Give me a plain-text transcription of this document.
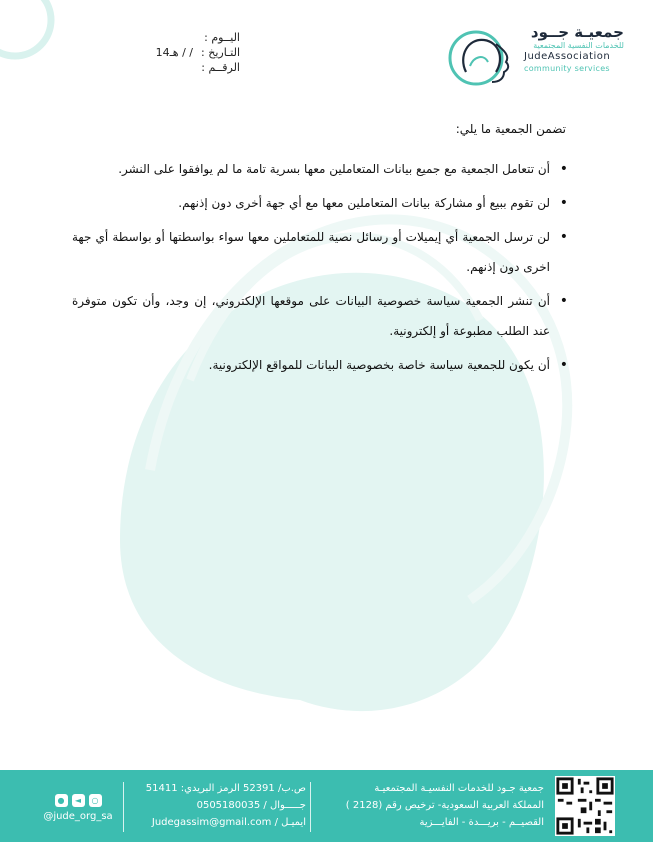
جمعيـة جــود
للخدمات النفسية المجتمعية
JudeAssociation
community services
اليــوم :
التـاريخ :14هـ / /
الرقــم :
تضمن الجمعية ما يلي:
• أن تتعامل الجمعية مع جميع بيانات المتعاملين معها بسرية تامة ما لم يوافقوا على النشر.
• لن تقوم ببيع أو مشاركة بيانات المتعاملين معها مع أي جهة أخرى دون إذنهم.
• لن ترسل الجمعية أي إيميلات أو رسائل نصية للمتعاملين معها سواء بواسطتها أو بواسطة أي جهة اخرى دون إذنهم.
• أن تنشر الجمعية سياسة خصوصية البيانات على موقعها الإلكتروني، إن وجد، وأن تكون متوفرة عند الطلب مطبوعة أو إلكترونية.
• أن يكون للجمعية سياسة خاصة بخصوصية البيانات للمواقع الإلكترونية.
جمعية جـود للخدمات النفسيـة المجتمعيـة
المملكة العربية السعودية- ترخيص رقم (2128 )
القصيــم - بريـــدة - الفايـــزية
ص.ب/ 52391 الرمز البريدي: 51411
جـــــوال / 0505180035
ايميـل / Judegassim@gmail.com
●	◄	○
@jude_org_sa
